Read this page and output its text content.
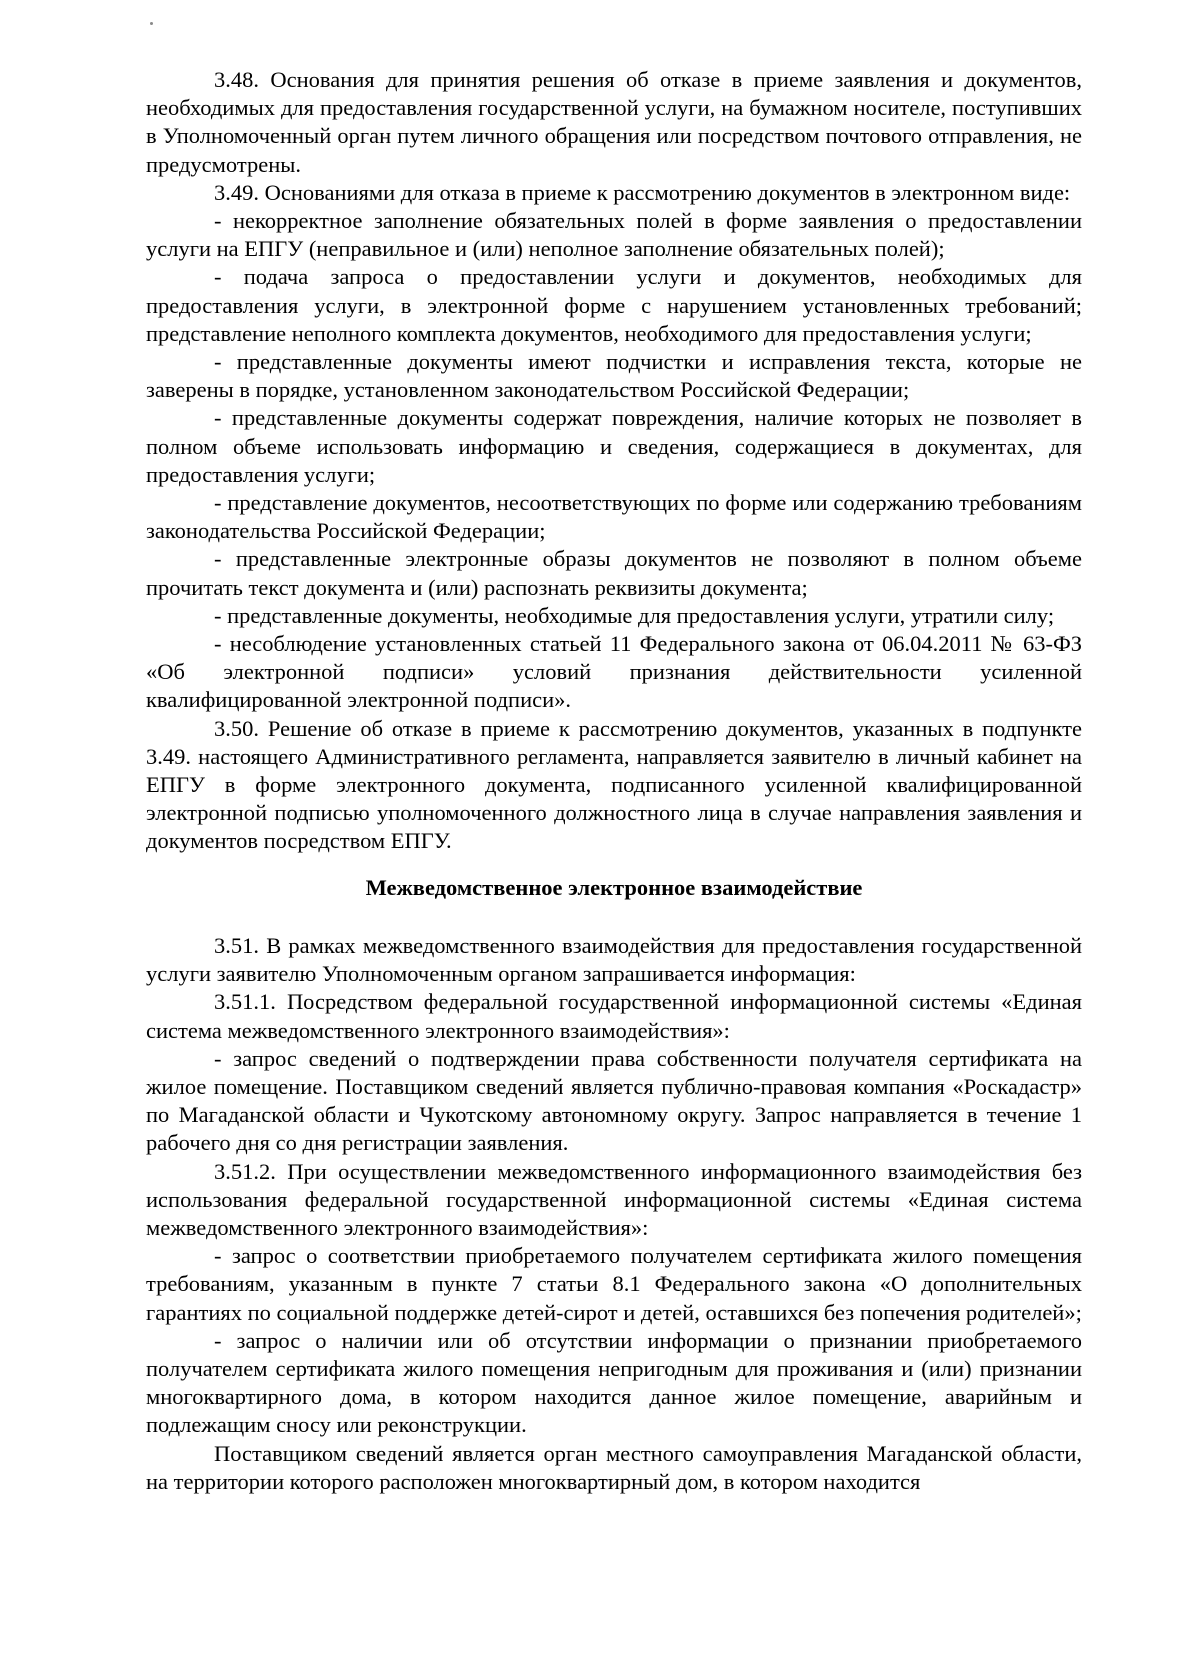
3.48. Основания для принятия решения об отказе в приеме заявления и документов, необходимых для предоставления государственной услуги, на бумажном носителе, поступивших в Уполномоченный орган путем личного обращения или посредством почтового отправления, не предусмотрены.

3.49. Основаниями для отказа в приеме к рассмотрению документов в электронном виде:

- некорректное заполнение обязательных полей в форме заявления о предоставлении услуги на ЕПГУ (неправильное и (или) неполное заполнение обязательных полей);

- подача запроса о предоставлении услуги и документов, необходимых для предоставления услуги, в электронной форме с нарушением установленных требований; представление неполного комплекта документов, необходимого для предоставления услуги;

- представленные документы имеют подчистки и исправления текста, которые не заверены в порядке, установленном законодательством Российской Федерации;

- представленные документы содержат повреждения, наличие которых не позволяет в полном объеме использовать информацию и сведения, содержащиеся в документах, для предоставления услуги;

- представление документов, несоответствующих по форме или содержанию требованиям законодательства Российской Федерации;

- представленные электронные образы документов не позволяют в полном объеме прочитать текст документа и (или) распознать реквизиты документа;

- представленные документы, необходимые для предоставления услуги, утратили силу;

- несоблюдение установленных статьей 11 Федерального закона от 06.04.2011 № 63-ФЗ «Об электронной подписи» условий признания действительности усиленной квалифицированной электронной подписи».

3.50. Решение об отказе в приеме к рассмотрению документов, указанных в подпункте 3.49. настоящего Административного регламента, направляется заявителю в личный кабинет на ЕПГУ в форме электронного документа, подписанного усиленной квалифицированной электронной подписью уполномоченного должностного лица в случае направления заявления и документов посредством ЕПГУ.

Межведомственное электронное взаимодействие

3.51. В рамках межведомственного взаимодействия для предоставления государственной услуги заявителю Уполномоченным органом запрашивается информация:

3.51.1. Посредством федеральной государственной информационной системы «Единая система межведомственного электронного взаимодействия»:

- запрос сведений о подтверждении права собственности получателя сертификата на жилое помещение. Поставщиком сведений является публично-правовая компания «Роскадастр» по Магаданской области и Чукотскому автономному округу. Запрос направляется в течение 1 рабочего дня со дня регистрации заявления.

3.51.2. При осуществлении межведомственного информационного взаимодействия без использования федеральной государственной информационной системы «Единая система межведомственного электронного взаимодействия»:

- запрос о соответствии приобретаемого получателем сертификата жилого помещения требованиям, указанным в пункте 7 статьи 8.1 Федерального закона «О дополнительных гарантиях по социальной поддержке детей-сирот и детей, оставшихся без попечения родителей»;

- запрос о наличии или об отсутствии информации о признании приобретаемого получателем сертификата жилого помещения непригодным для проживания и (или) признании многоквартирного дома, в котором находится данное жилое помещение, аварийным и подлежащим сносу или реконструкции.

Поставщиком сведений является орган местного самоуправления Магаданской области, на территории которого расположен многоквартирный дом, в котором находится
